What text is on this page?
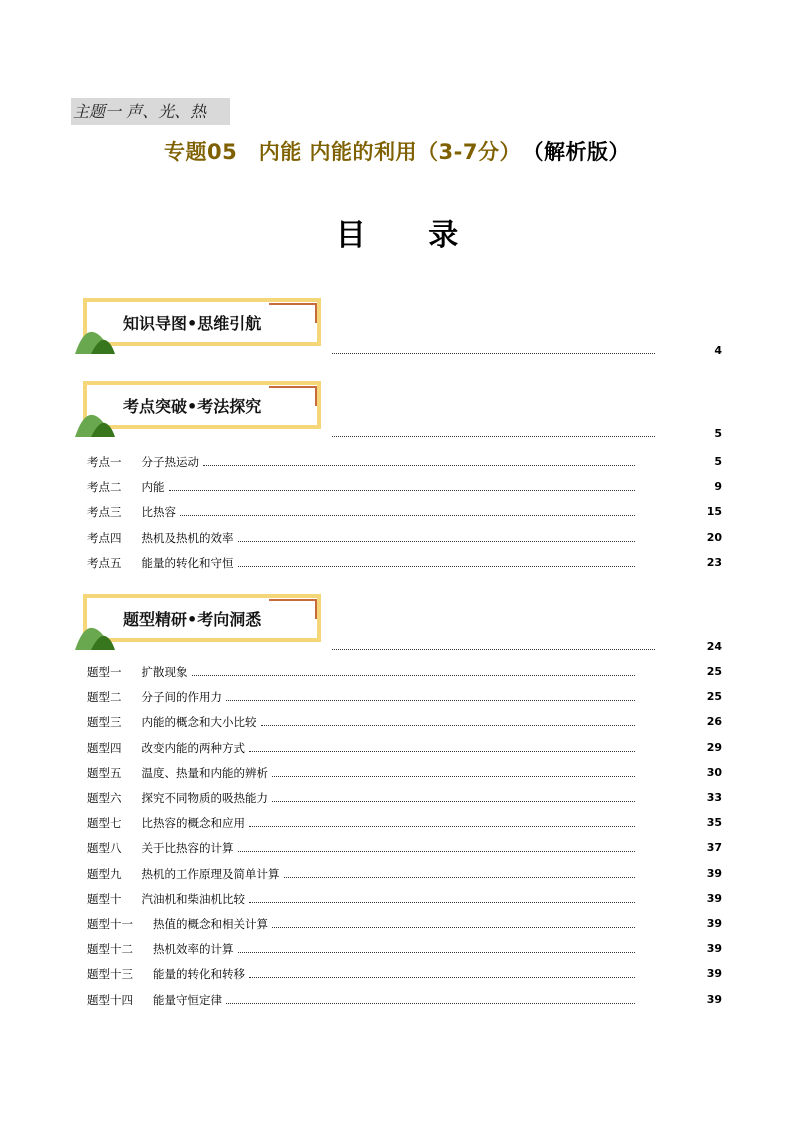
主题一 声、光、热
专题05　内能 内能的利用（3-7分） （解析版）
目 录
知识导图•思维引航
4
考点突破•考法探究
5
考点一 分子热运动	5
考点二 内能	9
考点三 比热容	15
考点四 热机及热机的效率	20
考点五 能量的转化和守恒	23
题型精研•考向洞悉
24
题型一 扩散现象	25
题型二 分子间的作用力	25
题型三 内能的概念和大小比较	26
题型四 改变内能的两种方式	29
题型五 温度、热量和内能的辨析	30
题型六 探究不同物质的吸热能力	33
题型七 比热容的概念和应用	35
题型八 关于比热容的计算	37
题型九 热机的工作原理及简单计算	39
题型十 汽油机和柴油机比较	39
题型十一 热值的概念和相关计算	39
题型十二 热机效率的计算	39
题型十三 能量的转化和转移	39
题型十四 能量守恒定律	39
